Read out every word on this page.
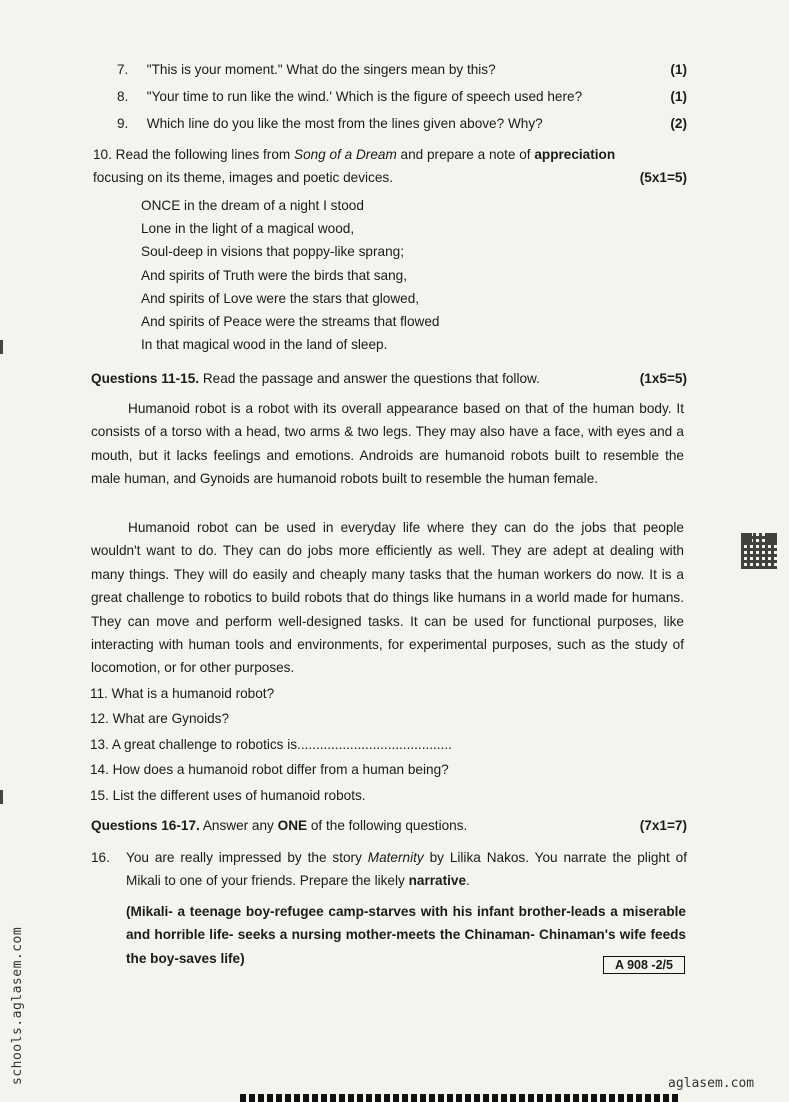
7. "This is your moment." What do the singers mean by this?	(1)
8. "Your time to run like the wind.' Which is the figure of speech used here?	(1)
9. Which line do you like the most from the lines given above? Why?	(2)
10. Read the following lines from Song of a Dream and prepare a note of appreciation
focusing on its theme, images and poetic devices.	(5x1=5)
ONCE in the dream of a night I stood
Lone in the light of a magical wood,
Soul-deep in visions that poppy-like sprang;
And spirits of Truth were the birds that sang,
And spirits of Love were the stars that glowed,
And spirits of Peace were the streams that flowed
In that magical wood in the land of sleep.
Questions 11-15. Read the passage and answer the questions that follow.	(1x5=5)
Humanoid robot is a robot with its overall appearance based on that of the human body. It consists of a torso with a head, two arms & two legs. They may also have a face, with eyes and a mouth, but it lacks feelings and emotions. Androids are humanoid robots built to resemble the male human, and Gynoids are humanoid robots built to resemble the human female.
Humanoid robot can be used in everyday life where they can do the jobs that people wouldn't want to do. They can do jobs more efficiently as well. They are adept at dealing with many things. They will do easily and cheaply many tasks that the human workers do now. It is a great challenge to robotics to build robots that do things like humans in a world made for humans. They can move and perform well-designed tasks. It can be used for functional purposes, like interacting with human tools and environments, for experimental purposes, such as the study of locomotion, or for other purposes.
11. What is a humanoid robot?
12. What are Gynoids?
13. A great challenge to robotics is.........................................
14. How does a humanoid robot differ from a human being?
15. List the different uses of humanoid robots.
Questions 16-17. Answer any ONE of the following questions.	(7x1=7)
16. You are really impressed by the story Maternity by Lilika Nakos. You narrate the plight of Mikali to one of your friends. Prepare the likely narrative.
(Mikali- a teenage boy-refugee camp-starves with his infant brother-leads a miserable and horrible life- seeks a nursing mother-meets the Chinaman- Chinaman's wife feeds the boy-saves life)	A 908 -2/5
schools.aglasem.com	aglasem.com
